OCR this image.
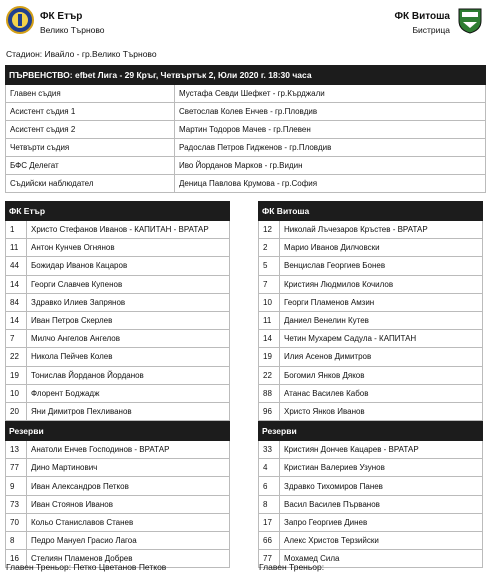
ФК Етър
Велико Търново
ФК Витоша
Бистрица
Стадион: Ивайло - гр.Велико Търново
ПЪРВЕНСТВО: efbet Лига - 29 Кръг, Четвъртък 2, Юли 2020 г. 18:30 часа
Главен съдия	Мустафа Севди Шефкет - гр.Кърджали
Асистент съдия 1	Светослав Колев Енчев - гр.Пловдив
Асистент съдия 2	Мартин Тодоров Мачев - гр.Плевен
Четвърти съдия	Радослав Петров Гидженов - гр.Пловдив
БФС Делегат	Иво Йорданов Марков - гр.Видин
Съдийски наблюдател	Деница Павлова Крумова - гр.София
ФК Етър
1	Христо Стефанов Иванов - КАПИТАН - ВРАТАР
11	Антон Кунчев Огнянов
44	Божидар Иванов Кацаров
14	Георги Славчев Купенов
84	Здравко Илиев Запрянов
14	Иван Петров Скерлев
7	Милчо Ангелов Ангелов
22	Никола Пейчев Колев
19	Тонислав Йорданов Йорданов
10	Флорент Бoджадж
20	Яни Димитров Пехливанов
Резерви
13	Анатоли Енчев Господинов - ВРАТАР
77	Дино Мартинович
9	Иван Александров Петков
73	Иван Стоянов Иванов
70	Кольо Станиславов Станев
8	Педро Мануел Грасио Лагоа
16	Стелиян Пламенов Добрев
ФК Витоша
12	Николай Лъчезаров Кръстев - ВРАТАР
2	Марио Иванов Дилчовски
5	Венцислав Георгиев Бонев
7	Кристиян Людмилов Кочилов
10	Георги Пламенов Амзин
11	Даниел Венелин Кутев
14	Четин Мухарем Садула - КАПИТАН
19	Илия Асенов Димитров
22	Богомил Янков Дяков
88	Атанас Василев Кабов
96	Христо Янков Иванов
Резерви
33	Кристиян Дончев Кацарев - ВРАТАР
4	Кристиан Валериев Узунов
6	Здравко Тихомиров Панев
8	Васил Василев Първанов
17	Запро Георгиев Динев
66	Алекс Христов Терзийски
77	Мохамед Сила
Главен Треньор: Петко Цветанов Петков	Главен Треньор:
